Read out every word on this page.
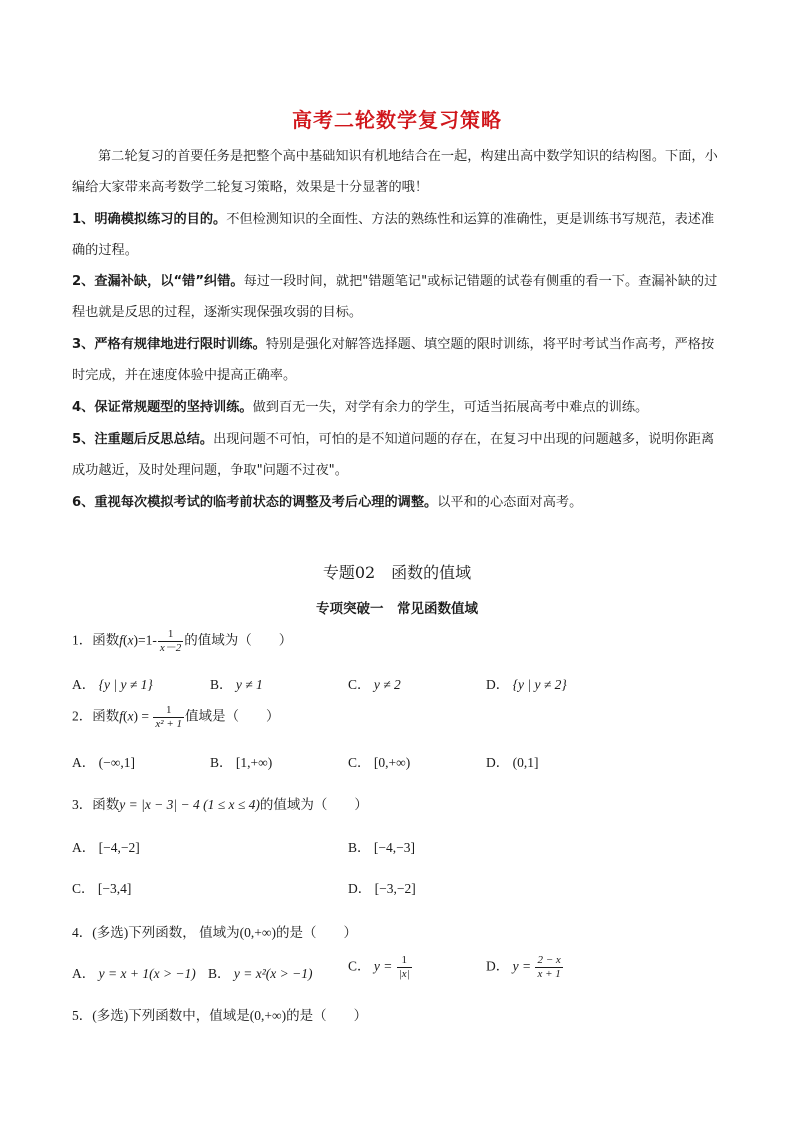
高考二轮数学复习策略
第二轮复习的首要任务是把整个高中基础知识有机地结合在一起，构建出高中数学知识的结构图。下面，小编给大家带来高考数学二轮复习策略，效果是十分显著的哦！
1、明确模拟练习的目的。不但检测知识的全面性、方法的熟练性和运算的准确性，更是训练书写规范，表述准确的过程。
2、查漏补缺，以“错”纠错。每过一段时间，就把"错题笔记"或标记错题的试卷有侧重的看一下。查漏补缺的过程也就是反思的过程，逐渐实现保强攻弱的目标。
3、严格有规律地进行限时训练。特别是强化对解答选择题、填空题的限时训练，将平时考试当作高考，严格按时完成，并在速度体验中提高正确率。
4、保证常规题型的坚持训练。做到百无一失，对学有余力的学生，可适当拓展高考中难点的训练。
5、注重题后反思总结。出现问题不可怕，可怕的是不知道问题的存在，在复习中出现的问题越多，说明你距离成功越近，及时处理问题，争取"问题不过夜"。
6、重视每次模拟考试的临考前状态的调整及考后心理的调整。以平和的心态面对高考。
专题02　函数的值域
专项突破一　常见函数值域
1．函数$f(x)=1- \frac{1}{x-2}$ 的值域为（　　）
A． {y | y ≠ 1}	B． y ≠ 1	C． y ≠ 2	D． {y | y ≠ 2}
2．函数$f(x) = \frac{1}{\text{x² + 1}}$ 值域是（　　）
A． (−∞,1]	B． [1,+∞)	C． [0,+∞)	D． (0,1]
3．函数y = |x − 3| − 4 (1 ≤ x ≤ 4)的值域为（　　）
A． [−4,−2]	B． [−4,−3]
C． [−3,4]	D． [−3,−2]
4．(多选)下列函数， 值域为(0,+∞)的是（　　）
A． y = x + 1(x > −1) B． y = x²(x > −1)	C． $y = \frac{1}{|x|}$	D． $y = \frac{2 - x}{x + 1}$
5．(多选)下列函数中，值域是(0,+∞)的是（　　）
